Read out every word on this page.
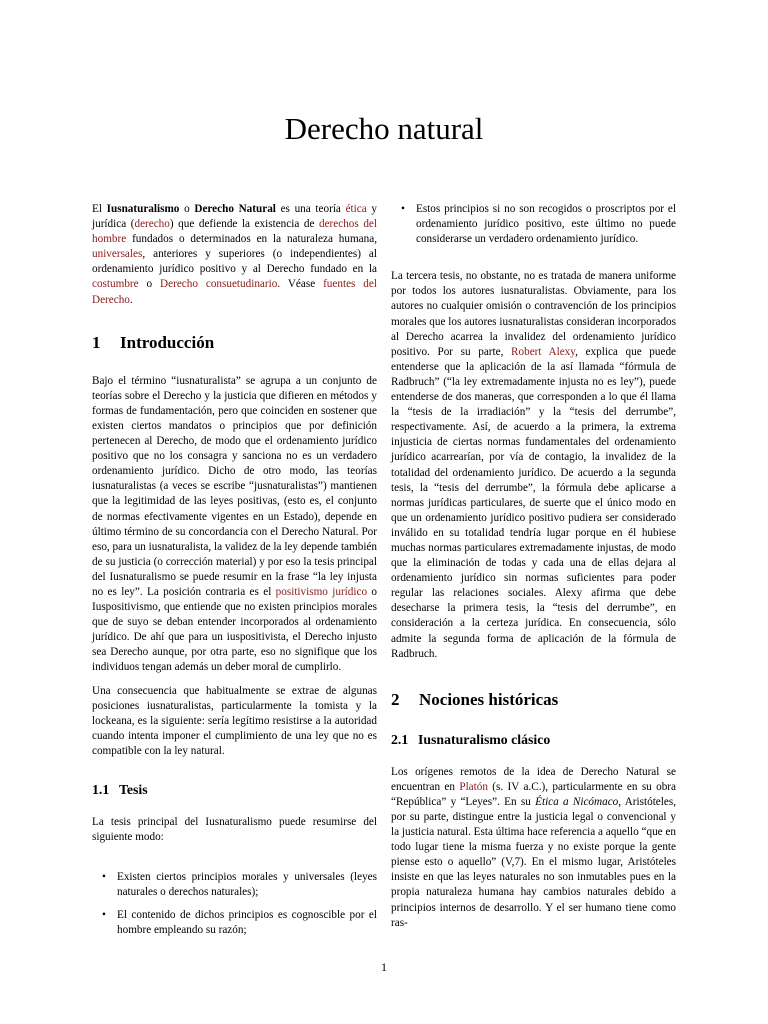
Derecho natural

El Iusnaturalismo o Derecho Natural es una teoría ética y jurídica (derecho) que defiende la existencia de derechos del hombre fundados o determinados en la naturaleza humana, universales, anteriores y superiores (o independientes) al ordenamiento jurídico positivo y al Derecho fundado en la costumbre o Derecho consuetudinario. Véase fuentes del Derecho.

1	Introducción

Bajo el término “iusnaturalista” se agrupa a un conjunto de teorías sobre el Derecho y la justicia que difieren en métodos y formas de fundamentación, pero que coinciden en sostener que existen ciertos mandatos o principios que por definición pertenecen al Derecho, de modo que el ordenamiento jurídico positivo que no los consagra y sanciona no es un verdadero ordenamiento jurídico. Dicho de otro modo, las teorías iusnaturalistas (a veces se escribe “jusnaturalistas”) mantienen que la legitimidad de las leyes positivas, (esto es, el conjunto de normas efectivamente vigentes en un Estado), depende en último término de su concordancia con el Derecho Natural. Por eso, para un iusnaturalista, la validez de la ley depende también de su justicia (o corrección material) y por eso la tesis principal del Iusnaturalismo se puede resumir en la frase “la ley injusta no es ley”. La posición contraria es el positivismo jurídico o Iuspositivismo, que entiende que no existen principios morales que de suyo se deban entender incorporados al ordenamiento jurídico. De ahí que para un iuspositivista, el Derecho injusto sea Derecho aunque, por otra parte, eso no signifique que los individuos tengan además un deber moral de cumplirlo.

Una consecuencia que habitualmente se extrae de algunas posiciones iusnaturalistas, particularmente la tomista y la lockeana, es la siguiente: sería legítimo resistirse a la autoridad cuando intenta imponer el cumplimiento de una ley que no es compatible con la ley natural.

1.1 Tesis

La tesis principal del Iusnaturalismo puede resumirse del siguiente modo:

• Existen ciertos principios morales y universales (leyes naturales o derechos naturales);
• El contenido de dichos principios es cognoscible por el hombre empleando su razón;
• Estos principios si no son recogidos o proscriptos por el ordenamiento jurídico positivo, este último no puede considerarse un verdadero ordenamiento jurídico.

La tercera tesis, no obstante, no es tratada de manera uniforme por todos los autores iusnaturalistas. Obviamente, para los autores no cualquier omisión o contravención de los principios morales que los autores iusnaturalistas consideran incorporados al Derecho acarrea la invalidez del ordenamiento jurídico positivo. Por su parte, Robert Alexy, explica que puede entenderse que la aplicación de la así llamada “fórmula de Radbruch” (“la ley extremadamente injusta no es ley”), puede entenderse de dos maneras, que corresponden a lo que él llama la “tesis de la irradiación” y la “tesis del derrumbe”, respectivamente. Así, de acuerdo a la primera, la extrema injusticia de ciertas normas fundamentales del ordenamiento jurídico acarrearían, por vía de contagio, la invalidez de la totalidad del ordenamiento jurídico. De acuerdo a la segunda tesis, la “tesis del derrumbe”, la fórmula debe aplicarse a normas jurídicas particulares, de suerte que el único modo en que un ordenamiento jurídico positivo pudiera ser considerado inválido en su totalidad tendría lugar porque en él hubiese muchas normas particulares extremadamente injustas, de modo que la eliminación de todas y cada una de ellas dejara al ordenamiento jurídico sin normas suficientes para poder regular las relaciones sociales. Alexy afirma que debe desecharse la primera tesis, la “tesis del derrumbe”, en consideración a la certeza jurídica. En consecuencia, sólo admite la segunda forma de aplicación de la fórmula de Radbruch.

2	Nociones históricas
2.1 Iusnaturalismo clásico

Los orígenes remotos de la idea de Derecho Natural se encuentran en Platón (s. IV a.C.), particularmente en su obra “República” y “Leyes”. En su Ética a Nicómaco, Aristóteles, por su parte, distingue entre la justicia legal o convencional y la justicia natural. Esta última hace referencia a aquello “que en todo lugar tiene la misma fuerza y no existe porque la gente piense esto o aquello” (V,7). En el mismo lugar, Aristóteles insiste en que las leyes naturales no son inmutables pues en la propia naturaleza humana hay cambios naturales debido a principios internos de desarrollo. Y el ser humano tiene como ras-

1
